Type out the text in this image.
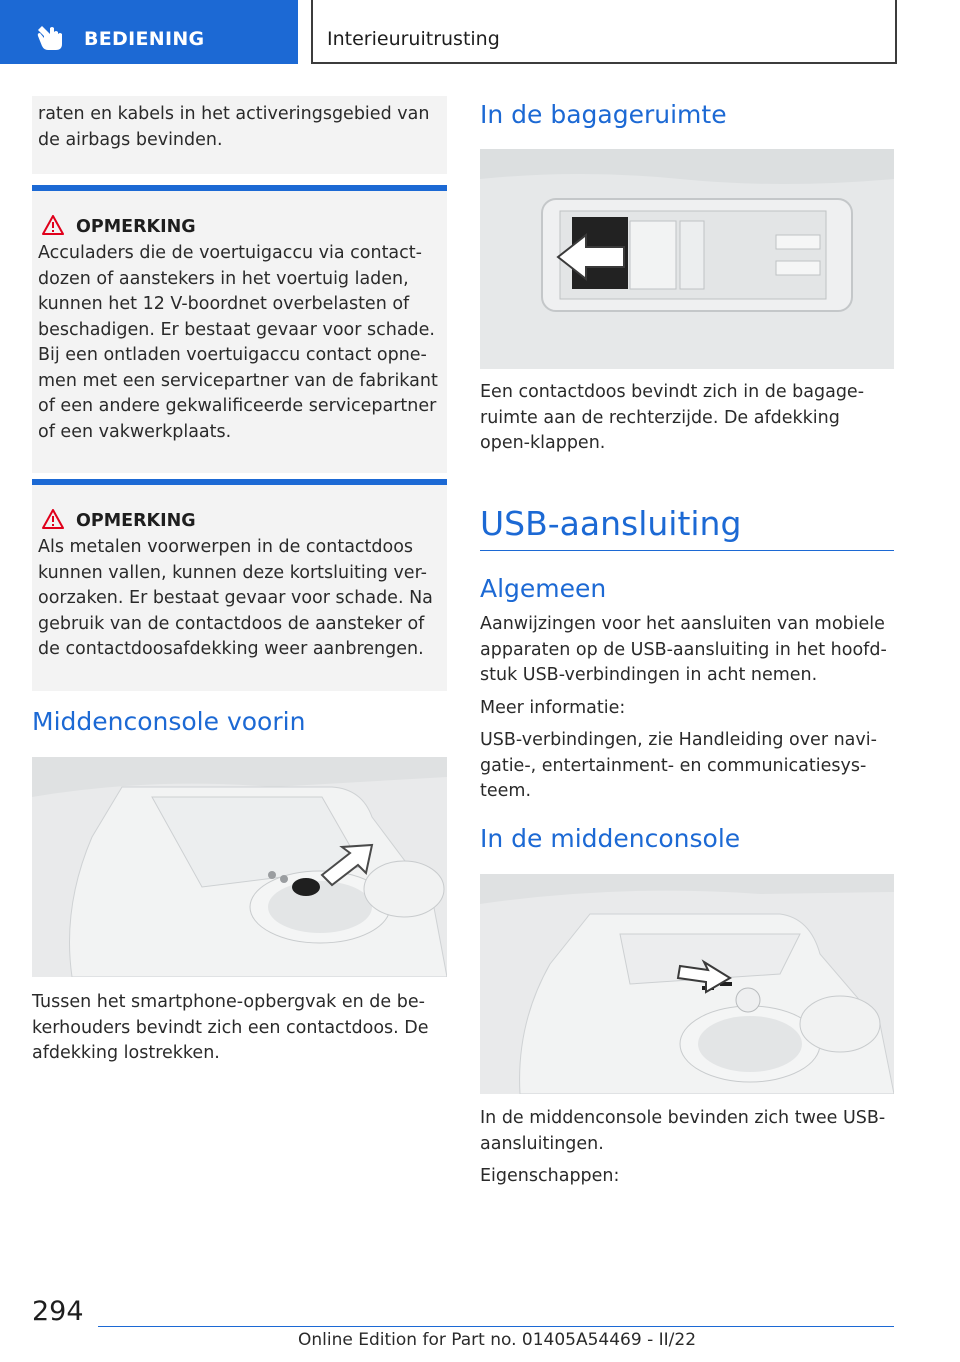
BEDIENING	Interieuruitrusting

raten en kabels in het activeringsgebied van de airbags bevinden.

OPMERKING

Acculaders die de voertuigaccu via contact-dozen of aanstekers in het voertuig laden, kunnen het 12 V-boordnet overbelasten of beschadigen. Er bestaat gevaar voor schade. Bij een ontladen voertuigaccu contact opne-men met een servicepartner van de fabrikant of een andere gekwalificeerde servicepartner of een vakwerkplaats.

OPMERKING

Als metalen voorwerpen in de contactdoos kunnen vallen, kunnen deze kortsluiting ver-oorzaken. Er bestaat gevaar voor schade. Na gebruik van de contactdoos de aansteker of de contactdoosafdekking weer aanbrengen.

Middenconsole voorin

Tussen het smartphone-opbergvak en de be-kerhouders bevindt zich een contactdoos. De afdekking lostrekken.

In de bagageruimte

Een contactdoos bevindt zich in de bagage-ruimte aan de rechterzijde. De afdekking open-klappen.

USB-aansluiting
Algemeen

Aanwijzingen voor het aansluiten van mobiele apparaten op de USB-aansluiting in het hoofd-stuk USB-verbindingen in acht nemen.

Meer informatie:

USB-verbindingen, zie Handleiding over navi-gatie-, entertainment- en communicatiesys-teem.

In de middenconsole

In de middenconsole bevinden zich twee USB-aansluitingen.

Eigenschappen:

294
Online Edition for Part no. 01405A54469 - II/22
